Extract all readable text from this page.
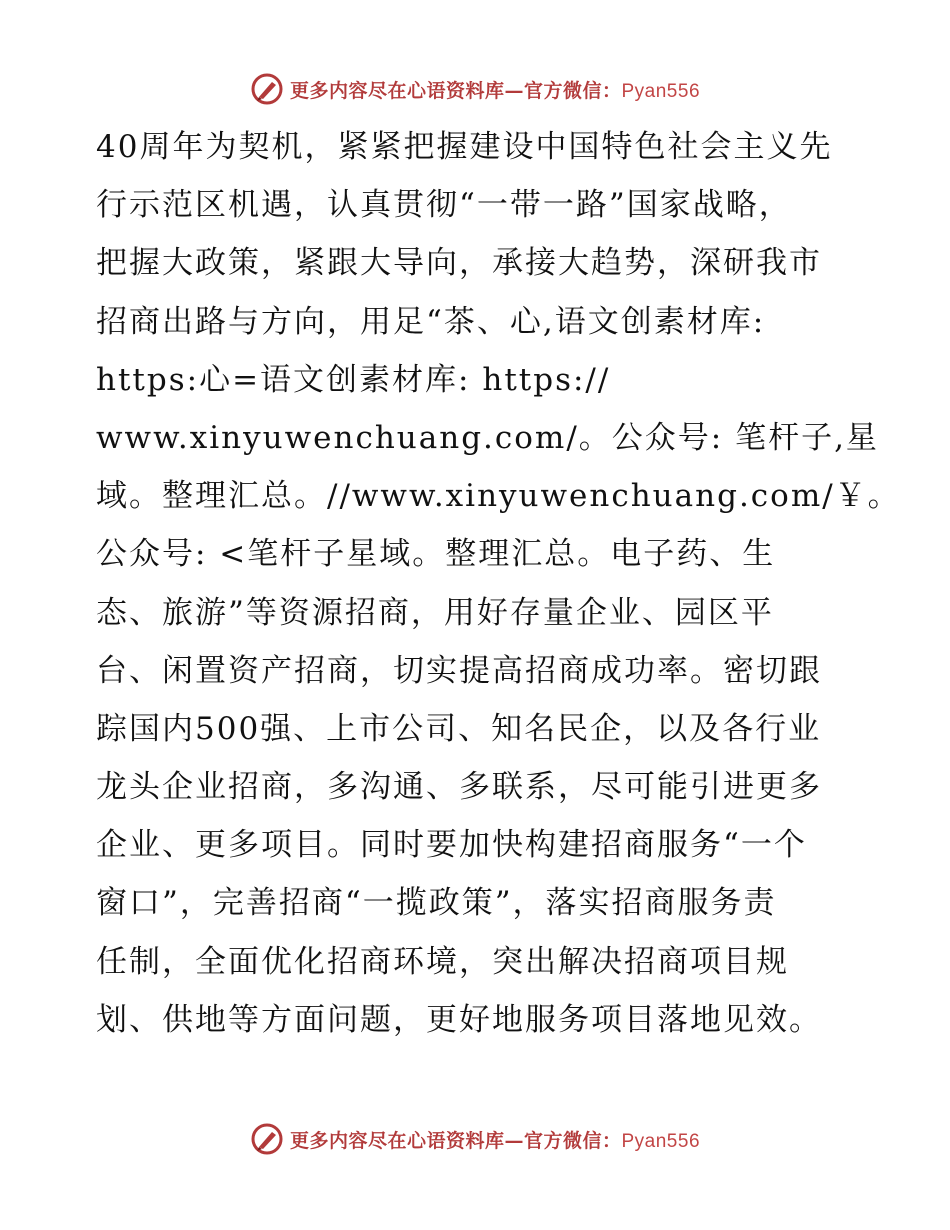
更多内容尽在心语资料库—官方微信：Pyan556
40周年为契机，紧紧把握建设中国特色社会主义先
行示范区机遇，认真贯彻“一带一路”国家战略，
把握大政策，紧跟大导向，承接大趋势，深研我市
招商出路与方向，用足“茶、心,语文创素材库:
https:心=语文创素材库: https://
www.xinyuwenchuang.com/。公众号: 笔杆子,星
域。整理汇总。//www.xinyuwenchuang.com/￥。
公众号: <笔杆子星域。整理汇总。电子药、生
态、旅游”等资源招商，用好存量企业、园区平
台、闲置资产招商，切实提高招商成功率。密切跟
踪国内500强、上市公司、知名民企，以及各行业
龙头企业招商，多沟通、多联系，尽可能引进更多
企业、更多项目。同时要加快构建招商服务“一个
窗口”，完善招商“一揽政策”，落实招商服务责
任制，全面优化招商环境，突出解决招商项目规
划、供地等方面问题，更好地服务项目落地见效。
更多内容尽在心语资料库—官方微信：Pyan556
